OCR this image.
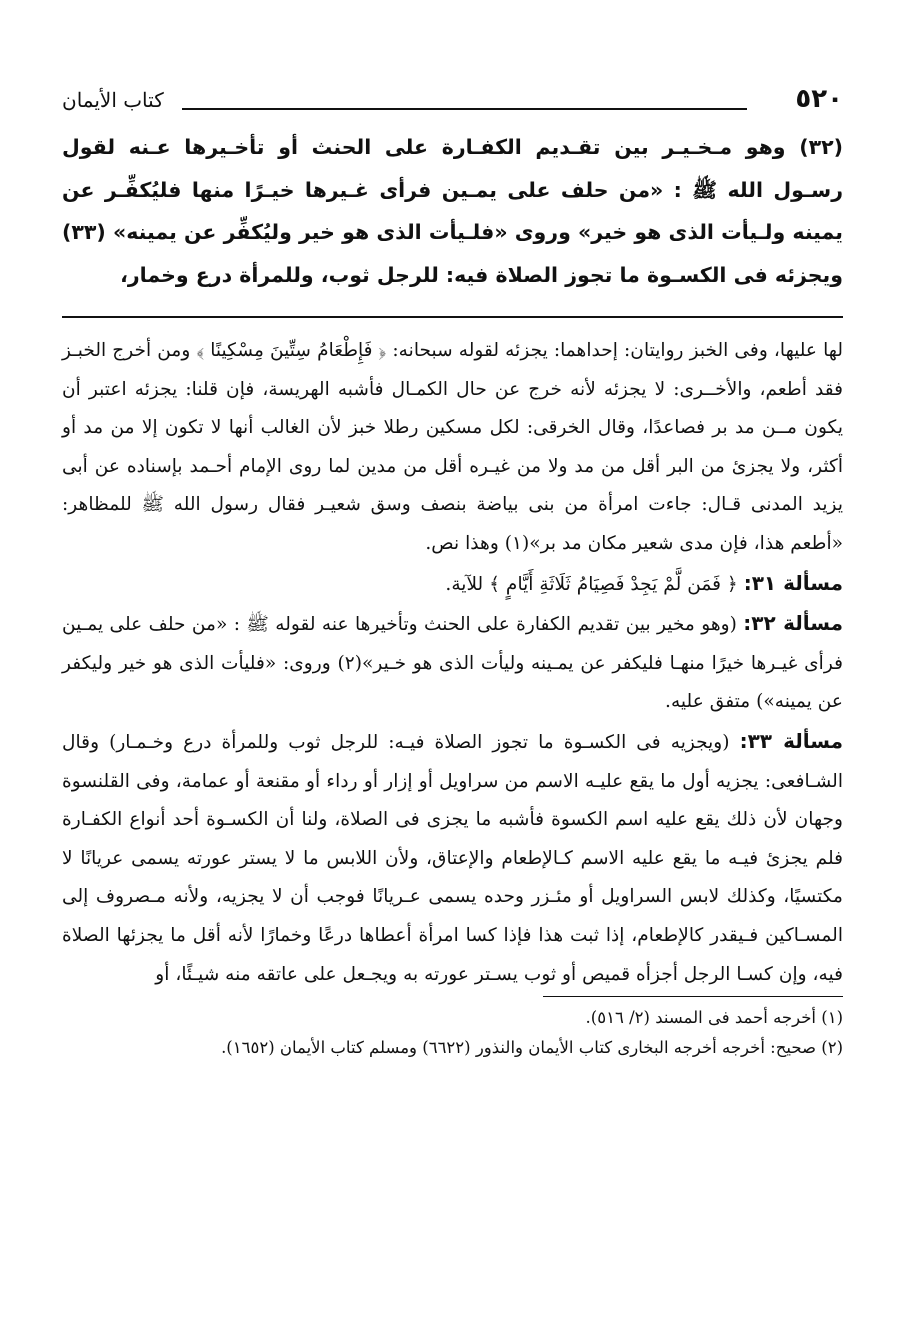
٥٢٠
كتاب الأيمان

(٣٢) وهو مـخـيـر بين تقـديم الكفـارة على الحنث أو تأخـيرها عـنه لقول رسـول الله ﷺ : «من حلف على يمـين فرأى غـيرها خيـرًا منها فليُكفِّـر عن يمينه ولـيأت الذى هو خير» وروى «فلـيأت الذى هو خير وليُكفِّر عن يمينه» (٣٣) ويجزئه فى الكسـوة ما تجوز الصلاة فيه: للرجل ثوب، وللمرأة درع وخمار،

لها عليها، وفى الخبز روايتان: إحداهما: يجزئه لقوله سبحانه: ﴿ فَإِطْعَامُ سِتِّينَ مِسْكِينًا ﴾ ومن أخرج الخبـز فقد أطعم، والأخــرى: لا يجزئه لأنه خرج عن حال الكمـال فأشبه الهريسة، فإن قلنا: يجزئه اعتبر أن يكون مــن مد بر فصاعدًا، وقال الخرقى: لكل مسكين رطلا خبز لأن الغالب أنها لا تكون إلا من مد أو أكثر، ولا يجزئ من البر أقل من مد ولا من غيـره أقل من مدين لما روى الإمام أحـمد بإسناده عن أبى يزيد المدنى قـال: جاءت امرأة من بنى بياضة بنصف وسق شعيـر فقال رسول الله ﷺ للمظاهر: «أطعم هذا، فإن مدى شعير مكان مد بر»(١) وهذا نص.

مسألة ٣١: ﴿ فَمَن لَّمْ يَجِدْ فَصِيَامُ ثَلَاثَةِ أَيَّامٍ ﴾ للآية.

مسألة ٣٢: (وهو مخير بين تقديم الكفارة على الحنث وتأخيرها عنه لقوله ﷺ : «من حلف على يمـين فرأى غيـرها خيرًا منهـا فليكفر عن يمـينه وليأت الذى هو خـير»(٢) وروى: «فليأت الذى هو خير وليكفر عن يمينه») متفق عليه.

مسألة ٣٣: (ويجزيه فى الكسـوة ما تجوز الصلاة فيـه: للرجل ثوب وللمرأة درع وخـمـار) وقال الشـافعى: يجزيه أول ما يقع عليـه الاسم من سراويل أو إزار أو رداء أو مقنعة أو عمامة، وفى القلنسوة وجهان لأن ذلك يقع عليه اسم الكسوة فأشبه ما يجزى فى الصلاة، ولنا أن الكسـوة أحد أنواع الكفـارة فلم يجزئ فيـه ما يقع عليه الاسم كـالإطعام والإعتاق، ولأن اللابس ما لا يستر عورته يسمى عريانًا لا مكتسيًا، وكذلك لابس السراويل أو مئـزر وحده يسمى عـريانًا فوجب أن لا يجزيه، ولأنه مـصروف إلى المسـاكين فـيقدر كالإطعام، إذا ثبت هذا فإذا كسا امرأة أعطاها درعًا وخمارًا لأنه أقل ما يجزئها الصلاة فيه، وإن كسـا الرجل أجزأه قميص أو ثوب يسـتر عورته به ويجـعل على عاتقه منه شيـئًا، أو

(١) أخرجه أحمد فى المسند (٢/ ٥١٦).

(٢) صحيح: أخرجه أخرجه البخارى كتاب الأيمان والنذور (٦٦٢٢) ومسلم كتاب الأيمان (١٦٥٢).
